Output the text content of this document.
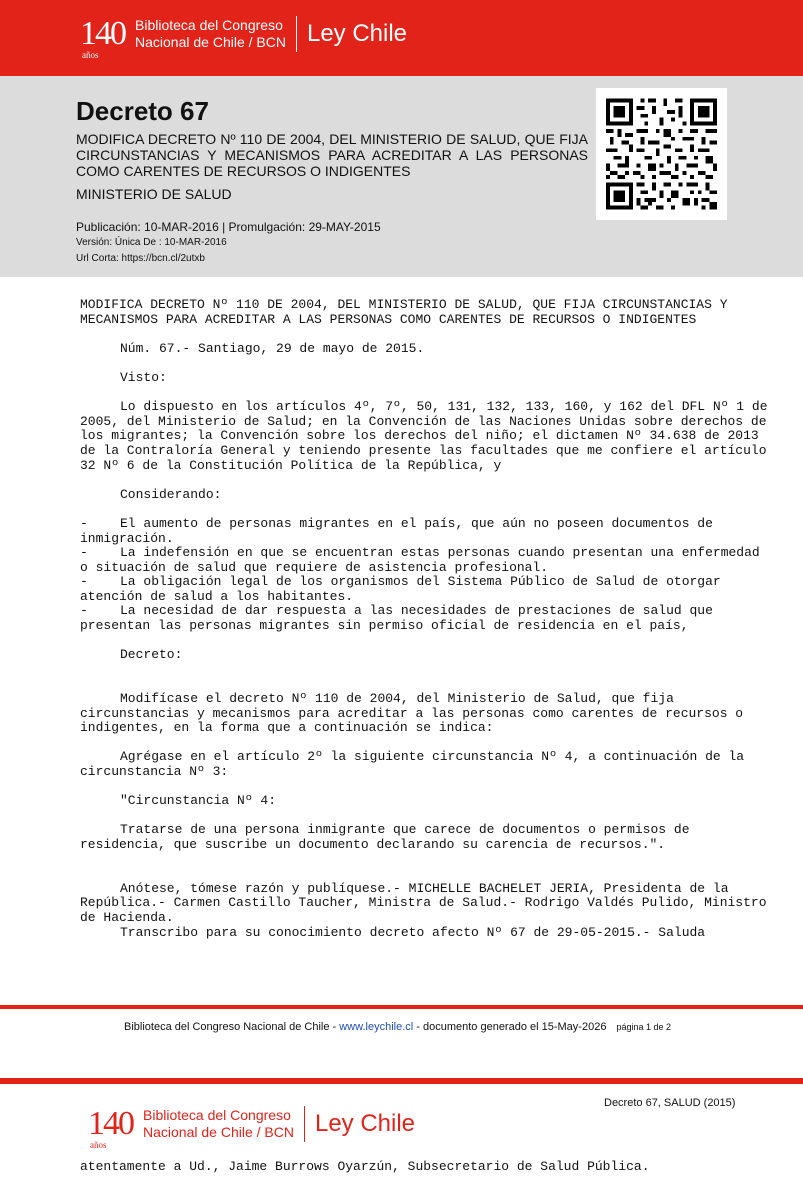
140
años
Biblioteca del Congreso
Nacional de Chile / BCN Ley Chile
Decreto 67
MODIFICA DECRETO Nº 110 DE 2004, DEL MINISTERIO DE SALUD, QUE FIJA CIRCUNSTANCIAS Y MECANISMOS PARA ACREDITAR A LAS PERSONAS COMO CARENTES DE RECURSOS O INDIGENTES
MINISTERIO DE SALUD
Publicación: 10-MAR-2016 | Promulgación: 29-MAY-2015
Versión: Única De : 10-MAR-2016
Url Corta: https://bcn.cl/2utxb

MODIFICA DECRETO Nº 110 DE 2004, DEL MINISTERIO DE SALUD, QUE FIJA CIRCUNSTANCIAS Y MECANISMOS PARA ACREDITAR A LAS PERSONAS COMO CARENTES DE RECURSOS O INDIGENTES

Núm. 67.- Santiago, 29 de mayo de 2015.

Visto:

Lo dispuesto en los artículos 4º, 7º, 50, 131, 132, 133, 160, y 162 del DFL Nº 1 de 2005, del Ministerio de Salud; en la Convención de las Naciones Unidas sobre derechos de los migrantes; la Convención sobre los derechos del niño; el dictamen Nº 34.638 de 2013 de la Contraloría General y teniendo presente las facultades que me confiere el artículo 32 Nº 6 de la Constitución Política de la República, y

Considerando:

- El aumento de personas migrantes en el país, que aún no poseen documentos de inmigración.

- La indefensión en que se encuentran estas personas cuando presentan una enfermedad o situación de salud que requiere de asistencia profesional.

- La obligación legal de los organismos del Sistema Público de Salud de otorgar atención de salud a los habitantes.

- La necesidad de dar respuesta a las necesidades de prestaciones de salud que presentan las personas migrantes sin permiso oficial de residencia en el país,

Decreto:

Modifícase el decreto Nº 110 de 2004, del Ministerio de Salud, que fija circunstancias y mecanismos para acreditar a las personas como carentes de recursos o indigentes, en la forma que a continuación se indica:

Agrégase en el artículo 2º la siguiente circunstancia Nº 4, a continuación de la circunstancia Nº 3:

"Circunstancia Nº 4:

Tratarse de una persona inmigrante que carece de documentos o permisos de residencia, que suscribe un documento declarando su carencia de recursos.".

Anótese, tómese razón y publíquese.- MICHELLE BACHELET JERIA, Presidenta de la República.- Carmen Castillo Taucher, Ministra de Salud.- Rodrigo Valdés Pulido, Ministro de Hacienda.

Transcribo para su conocimiento decreto afecto Nº 67 de 29-05-2015.- Saluda

Biblioteca del Congreso Nacional de Chile - www.leychile.cl - documento generado el 15-May-2026 página 1 de 2
Decreto 67, SALUD (2015)
140
años
Biblioteca del Congreso
Nacional de Chile / BCN Ley Chile
atentamente a Ud., Jaime Burrows Oyarzún, Subsecretario de Salud Pública.
